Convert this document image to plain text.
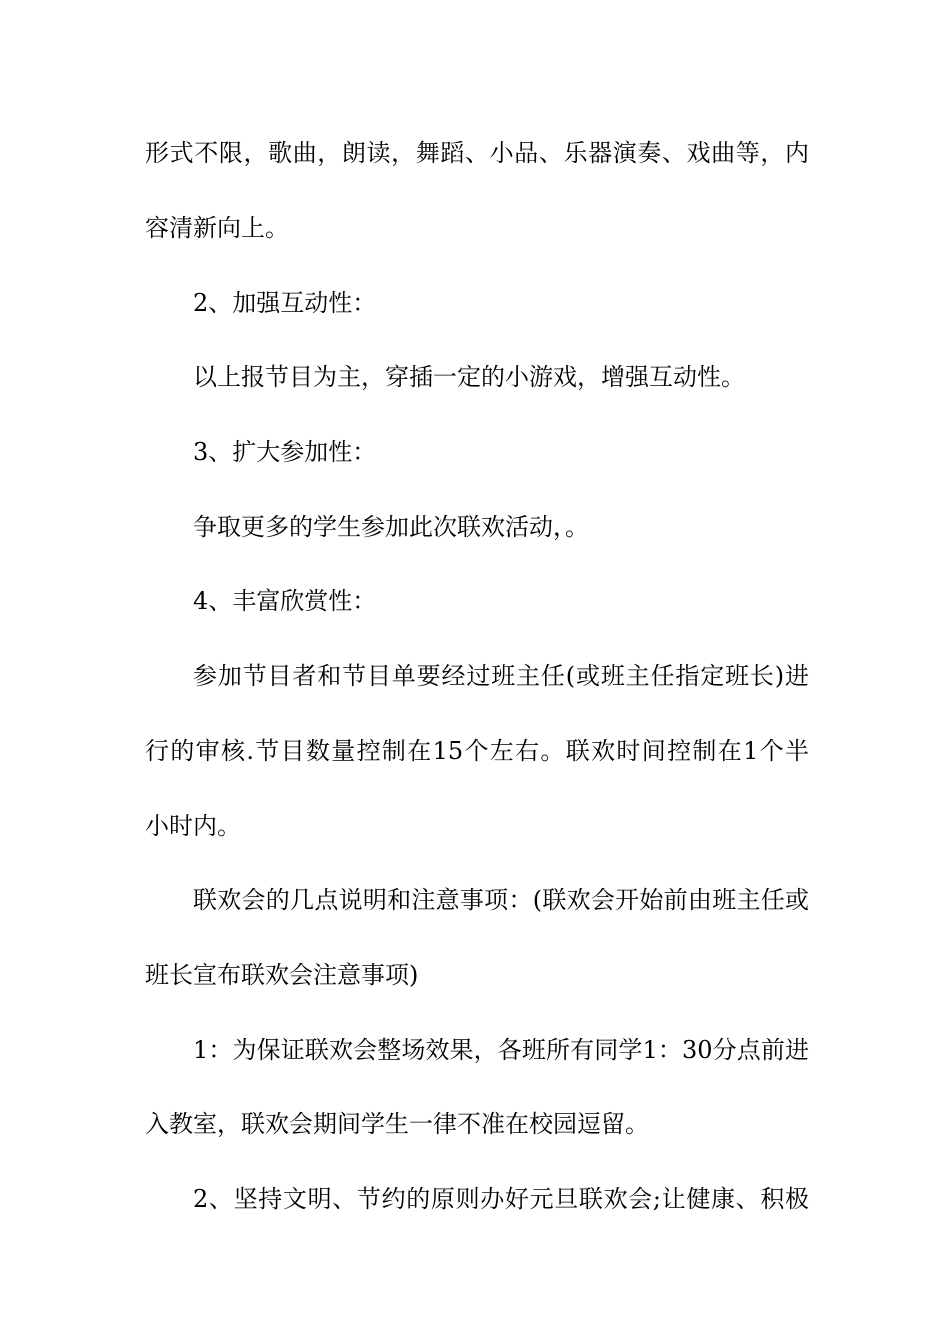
形式不限，歌曲，朗读，舞蹈、小品、乐器演奏、戏曲等，内
容清新向上。
2、加强互动性：
以上报节目为主，穿插一定的小游戏，增强互动性。
3、扩大参加性：
争取更多的学生参加此次联欢活动，。
4、丰富欣赏性：
参加节目者和节目单要经过班主任(或班主任指定班长)进
行的审核.节目数量控制在15个左右。联欢时间控制在1个半
小时内。
联欢会的几点说明和注意事项：(联欢会开始前由班主任或
班长宣布联欢会注意事项)
1：为保证联欢会整场效果，各班所有同学1：30分点前进
入教室，联欢会期间学生一律不准在校园逗留。
2、坚持文明、节约的原则办好元旦联欢会;让健康、积极
